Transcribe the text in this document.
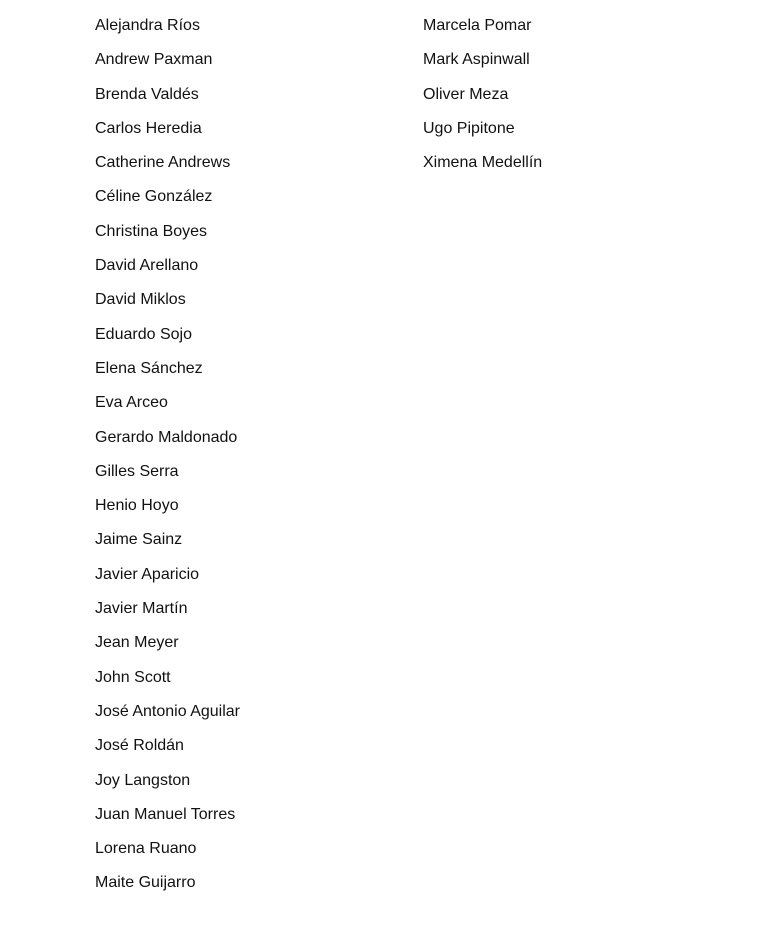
Alejandra Ríos
Andrew Paxman
Brenda Valdés
Carlos Heredia
Catherine Andrews
Céline González
Christina Boyes
David Arellano
David Miklos
Eduardo Sojo
Elena Sánchez
Eva Arceo
Gerardo Maldonado
Gilles Serra
Henio Hoyo
Jaime Sainz
Javier Aparicio
Javier Martín
Jean Meyer
John Scott
José Antonio Aguilar
José Roldán
Joy Langston
Juan Manuel Torres
Lorena Ruano
Maite Guijarro
Marcela Pomar
Mark Aspinwall
Oliver Meza
Ugo Pipitone
Ximena Medellín
